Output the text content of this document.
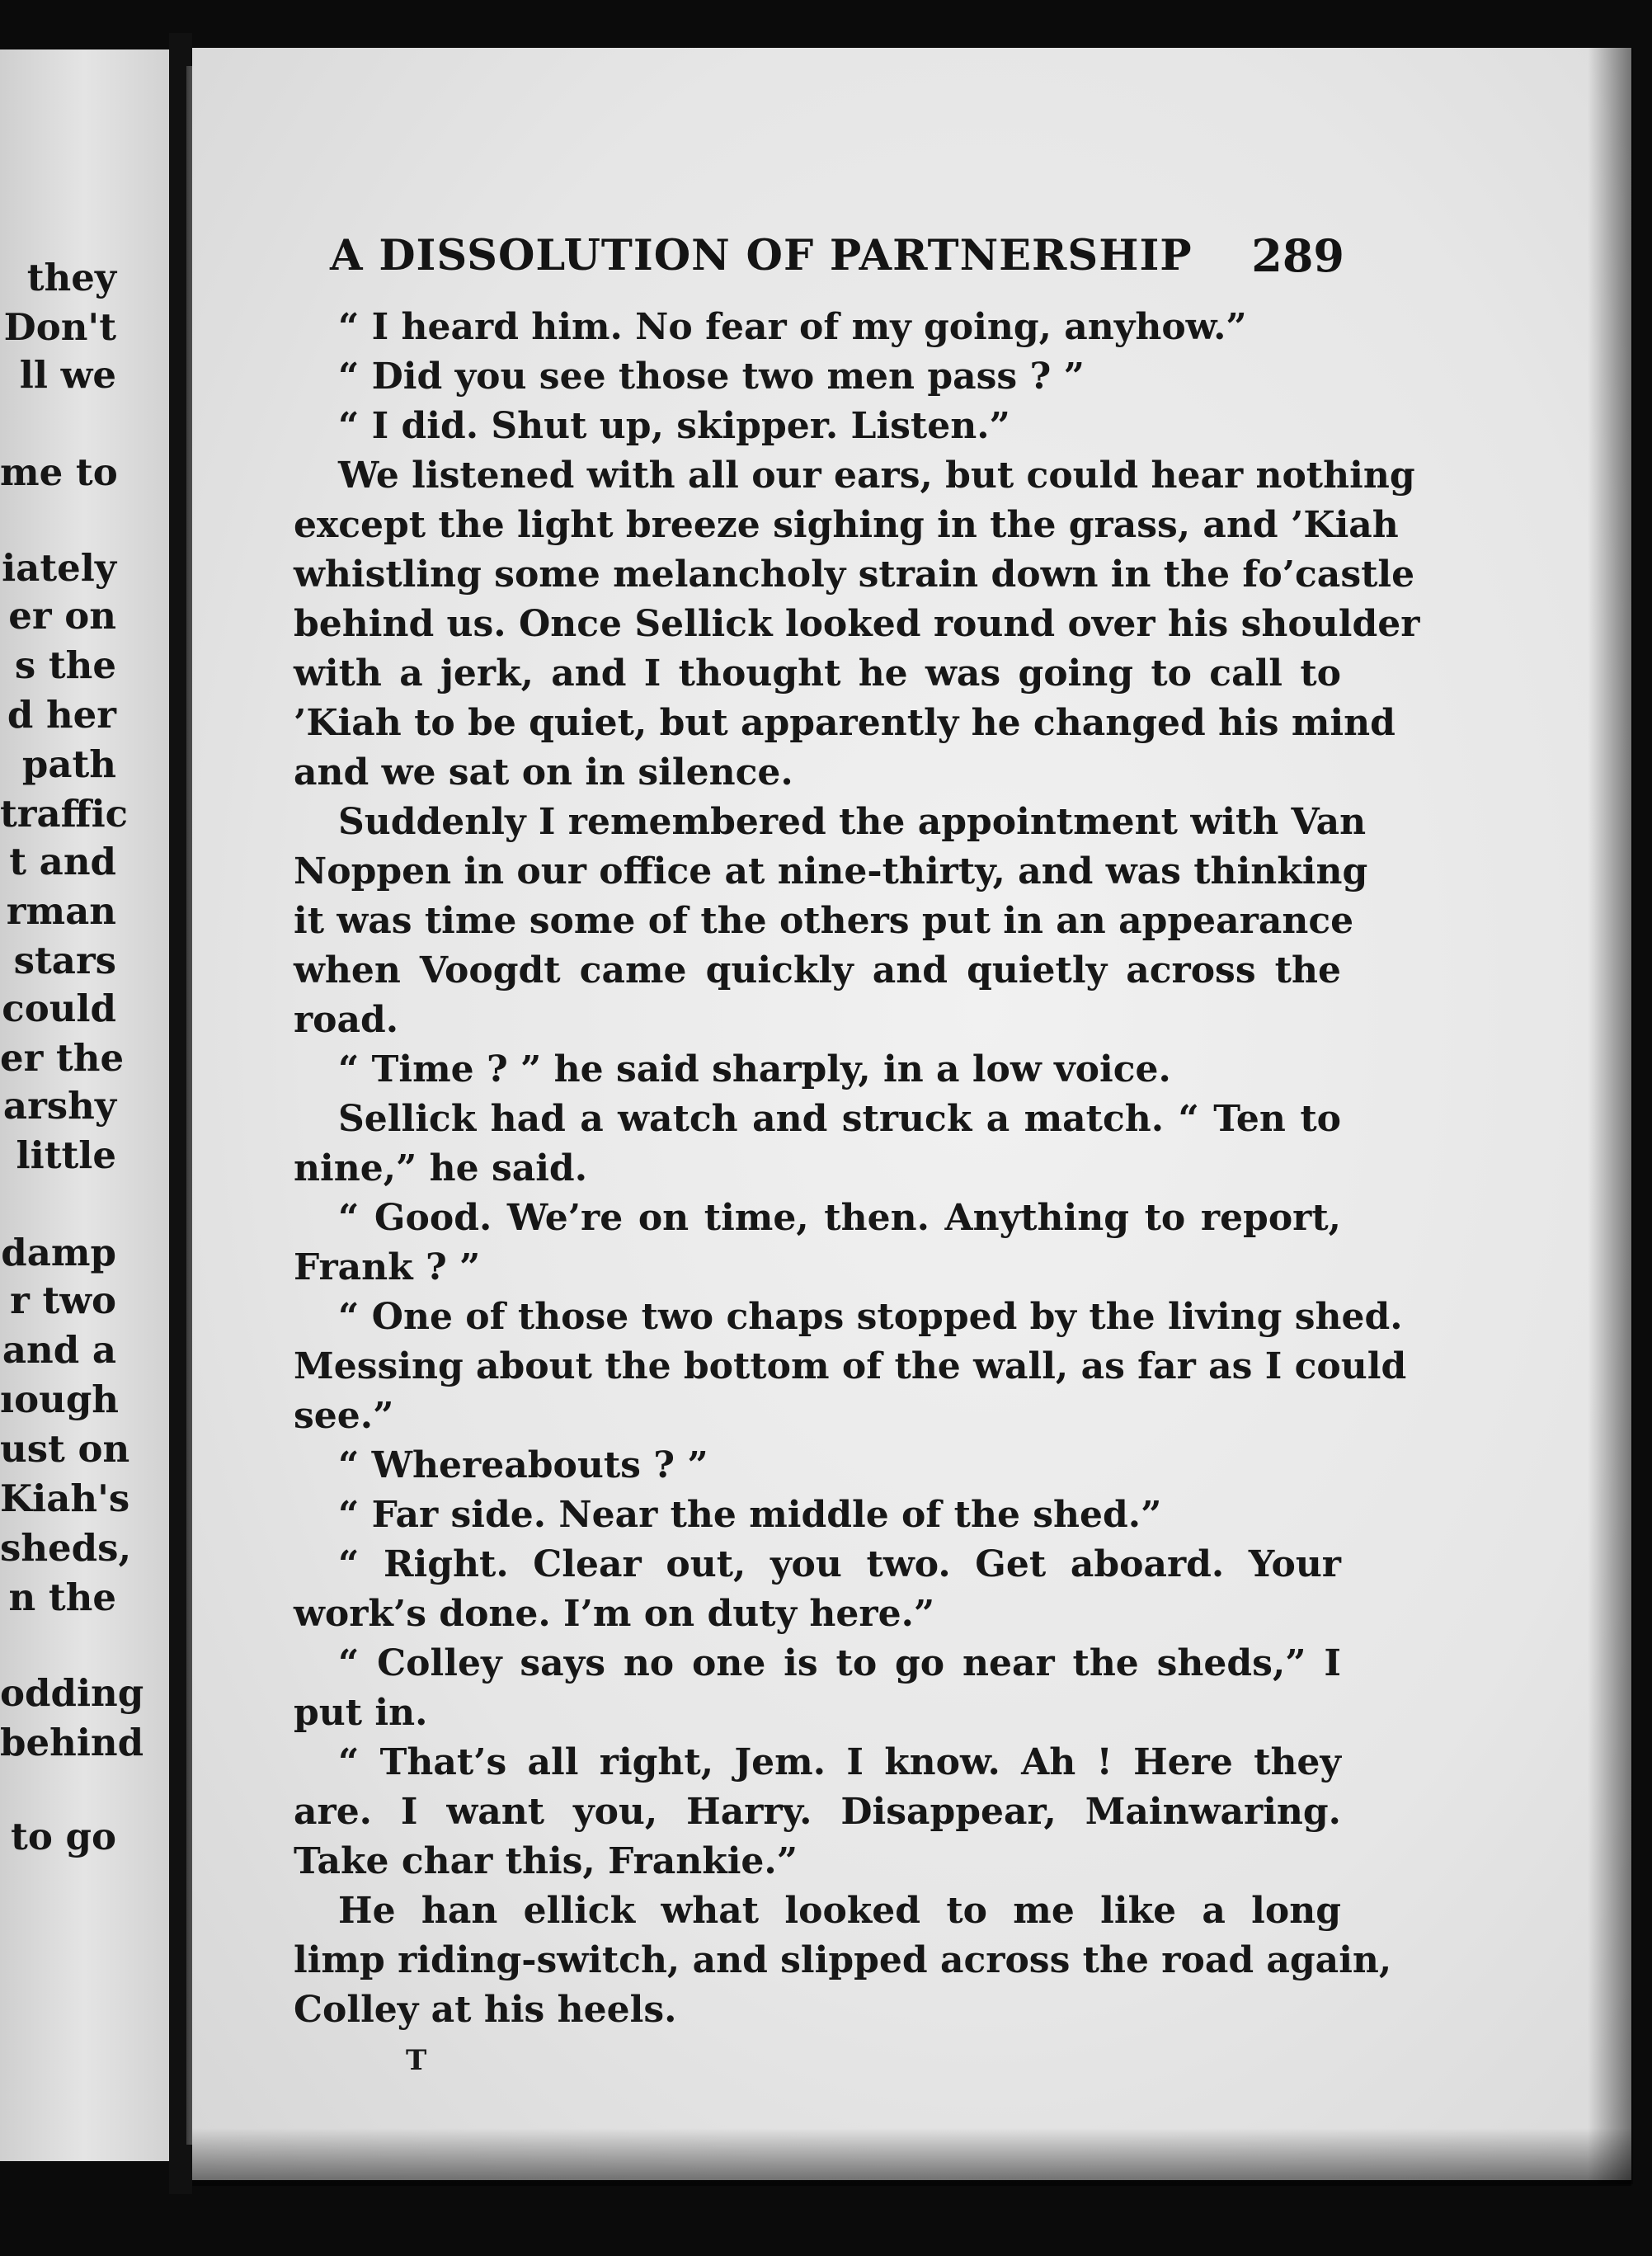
they
Don't
ll we
me to
iately
er on
s the
d her
path
traffic
t and
rman
stars
could
er the
arshy
little
damp
r two
and a
ıough
ust on
Kiah's
sheds,
n the
odding
behind
to go
A DISSOLUTION OF PARTNERSHIP 289
“ I heard him. No fear of my going, anyhow.”
“ Did you see those two men pass ? ”
“ I did. Shut up, skipper. Listen.”
We listened with all our ears, but could hear nothing
except the light breeze sighing in the grass, and ’Kiah
whistling some melancholy strain down in the fo’castle
behind us. Once Sellick looked round over his shoulder
with a jerk, and I thought he was going to call to
’Kiah to be quiet, but apparently he changed his mind
and we sat on in silence.
Suddenly I remembered the appointment with Van
Noppen in our office at nine-thirty, and was thinking
it was time some of the others put in an appearance
when Voogdt came quickly and quietly across the
road.
“ Time ? ” he said sharply, in a low voice.
Sellick had a watch and struck a match. “ Ten to
nine,” he said.
“ Good. We’re on time, then. Anything to report,
Frank ? ”
“ One of those two chaps stopped by the living shed.
Messing about the bottom of the wall, as far as I could
see.”
“ Whereabouts ? ”
“ Far side. Near the middle of the shed.”
“ Right. Clear out, you two. Get aboard. Your
work’s done. I’m on duty here.”
“ Colley says no one is to go near the sheds,” I
put in.
“ That’s all right, Jem. I know. Ah ! Here they
are. I want you, Harry. Disappear, Mainwaring.
Take char this, Frankie.”
He han ellick what looked to me like a long
limp riding-switch, and slipped across the road again,
Colley at his heels.
T
